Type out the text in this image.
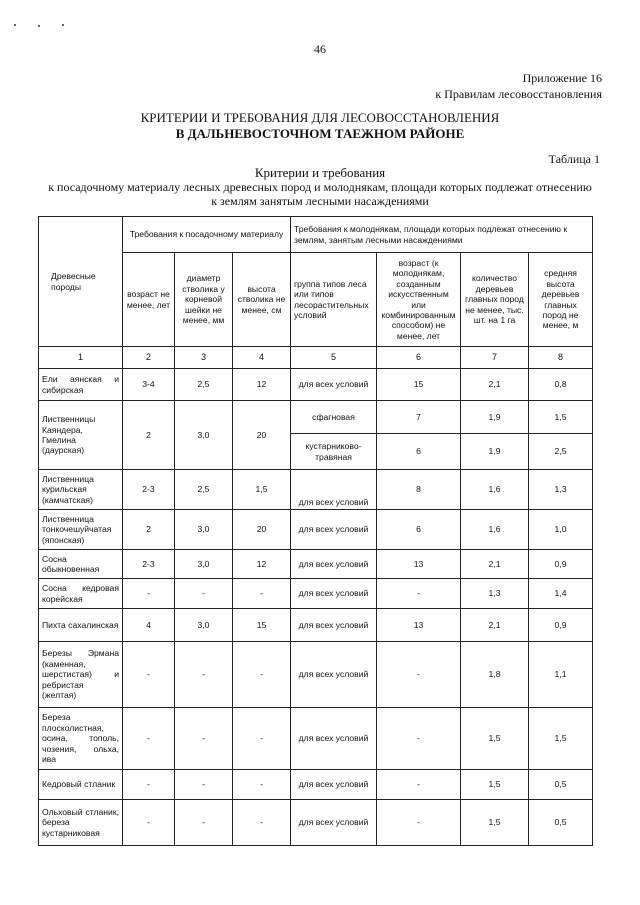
46
Приложение 16
к Правилам лесовосстановления
КРИТЕРИИ И ТРЕБОВАНИЯ ДЛЯ ЛЕСОВОССТАНОВЛЕНИЯ
В ДАЛЬНЕВОСТОЧНОМ ТАЕЖНОМ РАЙОНЕ
Таблица 1
Критерии и требования
к посадочному материалу лесных древесных пород и молоднякам, площади которых подлежат отнесению
к землям занятым лесными насаждениями
Древесные породы	Требования к посадочному материалу			Требования к молоднякам, площади которых подлежат отнесению к землям, занятым лесными насаждениями			
	возраст не менее, лет	диаметр стволика у корневой шейки не менее, мм	высота стволика не менее, см	группа типов леса или типов лесорастительных условий	возраст (к молоднякам, созданным искусственным или комбинированным способом) не менее, лет	количество деревьев главных пород не менее, тыс. шт. на 1 га	средняя высота деревьев главных пород не менее, м
1	2	3	4	5	6	7	8
Ели аянская и сибирская	3-4	2,5	12	для всех условий	15	2,1	0,8
Лиственницы Каяндера, Гмелина (даурская)	2	3,0	20	сфагновая	7	1,9	1,5
				кустарниково-травяная	6	1,9	2,5
Лиственница курильская (камчатская)	2-3	2,5	1,5	для всех условий	8	1,6	1,3
Лиственница тонкочешуйчатая (японская)	2	3,0	20	для всех условий	6	1,6	1,0
Сосна обыкновенная	2-3	3,0	12	для всех условий	13	2,1	0,9
Сосна кедровая корейская	-	-	-	для всех условий	-	1,3	1,4
Пихта сахалинская	4	3,0	15	для всех условий	13	2,1	0,9
Березы Эрмана (каменная, шерстистая) и ребристая (желтая)	-	-	-	для всех условий	-	1,8	1,1
Береза плосколистная, осина, тополь, чозения, ольха, ива	-	-	-	для всех условий	-	1,5	1,5
Кедровый стланик	-	-	-	для всех условий	-	1,5	0,5
Ольховый стланик, береза кустарниковая	-	-	-	для всех условий	-	1,5	0,5
